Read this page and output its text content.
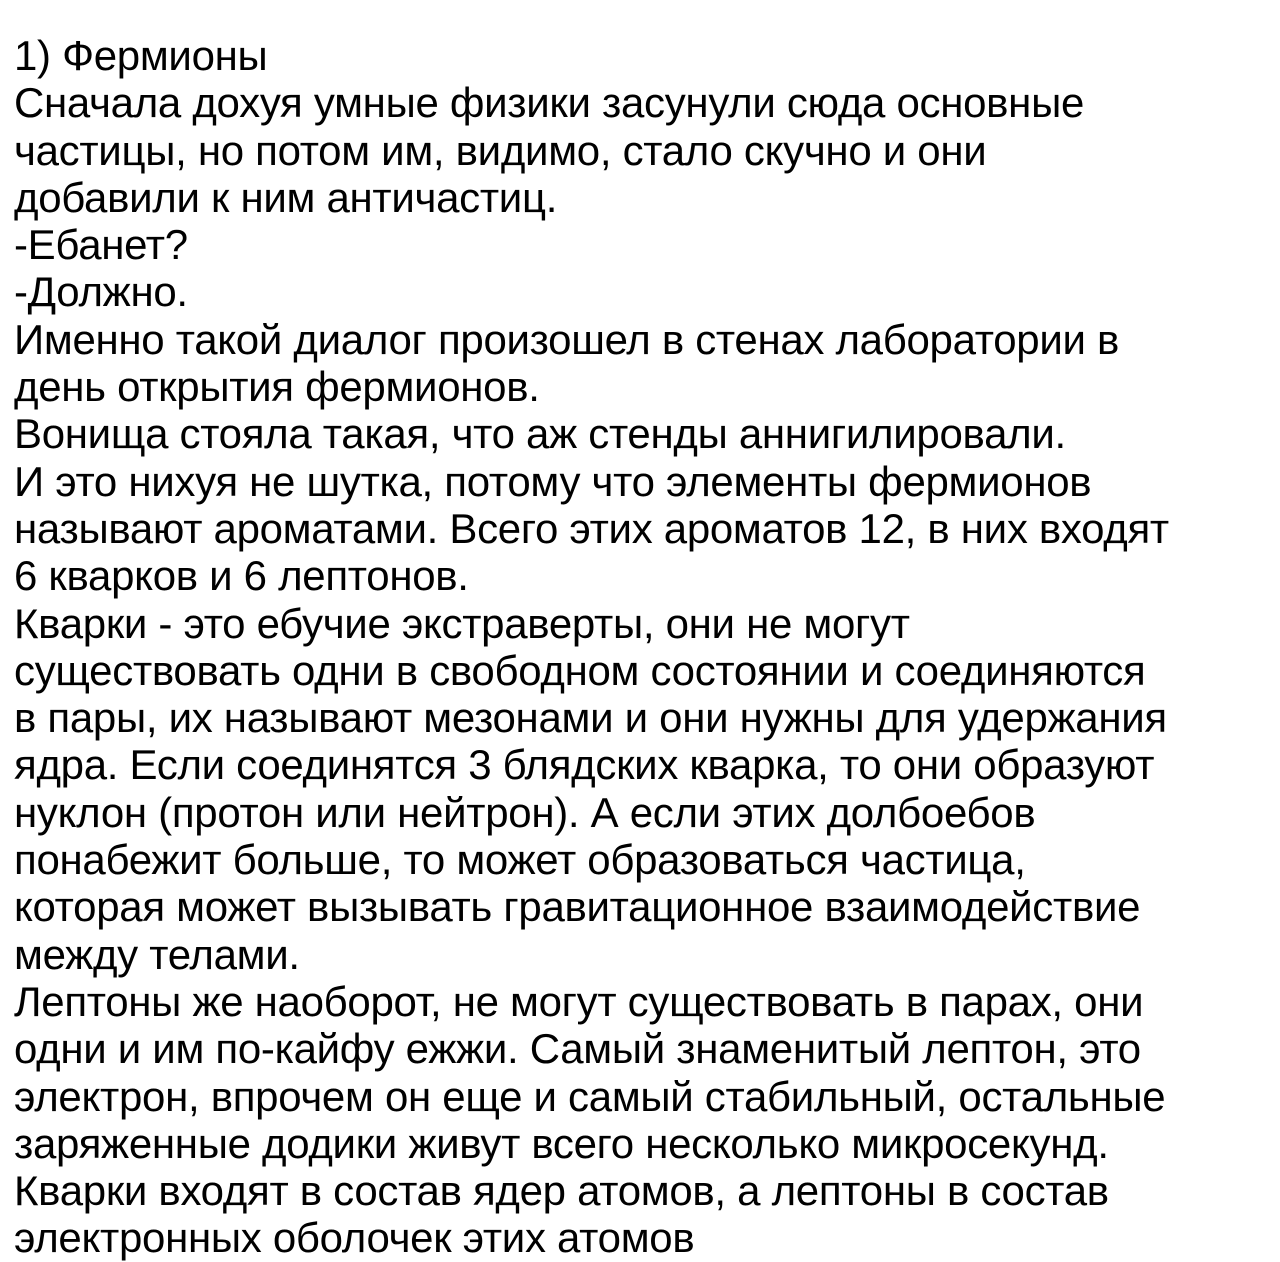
1) Фермионы
Сначала дохуя умные физики засунули сюда основные
частицы, но потом им, видимо, стало скучно и они
добавили к ним античастиц.
-Ебанет?
-Должно.
Именно такой диалог произошел в стенах лаборатории в
день открытия фермионов.
Вонища стояла такая, что аж стенды аннигилировали.
И это нихуя не шутка, потому что элементы фермионов
называют ароматами. Всего этих ароматов 12, в них входят
6 кварков и 6 лептонов.
Кварки - это ебучие экстраверты, они не могут
существовать одни в свободном состоянии и соединяются
в пары, их называют мезонами и они нужны для удержания
ядра. Если соединятся 3 блядских кварка, то они образуют
нуклон (протон или нейтрон). А если этих долбоебов
понабежит больше, то может образоваться частица,
которая может вызывать гравитационное взаимодействие
между телами.
Лептоны же наоборот, не могут существовать в парах, они
одни и им по-кайфу ежжи. Самый знаменитый лептон, это
электрон, впрочем он еще и самый стабильный, остальные
заряженные додики живут всего несколько микросекунд.
Кварки входят в состав ядер атомов, а лептоны в состав
электронных оболочек этих атомов
